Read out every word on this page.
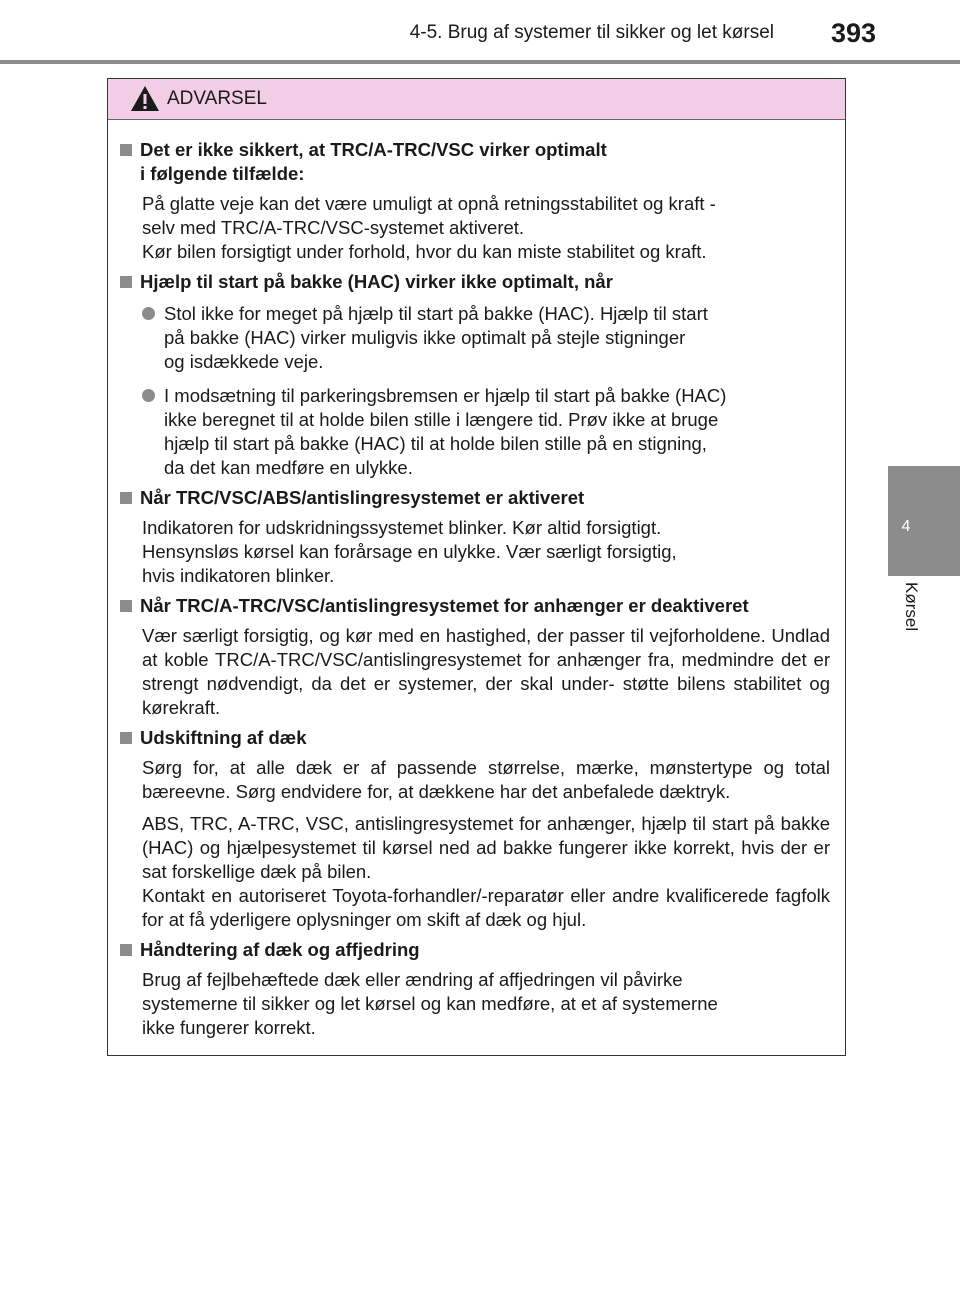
4-5. Brug af systemer til sikker og let kørsel 393
4
Kørsel
ADVARSEL
Det er ikke sikkert, at TRC/A-TRC/VSC virker optimalt
i følgende tilfælde:
På glatte veje kan det være umuligt at opnå retningsstabilitet og kraft -
selv med TRC/A-TRC/VSC-systemet aktiveret.
Kør bilen forsigtigt under forhold, hvor du kan miste stabilitet og kraft.
Hjælp til start på bakke (HAC) virker ikke optimalt, når
Stol ikke for meget på hjælp til start på bakke (HAC). Hjælp til start
på bakke (HAC) virker muligvis ikke optimalt på stejle stigninger
og isdækkede veje.
I modsætning til parkeringsbremsen er hjælp til start på bakke (HAC)
ikke beregnet til at holde bilen stille i længere tid. Prøv ikke at bruge
hjælp til start på bakke (HAC) til at holde bilen stille på en stigning,
da det kan medføre en ulykke.
Når TRC/VSC/ABS/antislingresystemet er aktiveret
Indikatoren for udskridningssystemet blinker. Kør altid forsigtigt.
Hensynsløs kørsel kan forårsage en ulykke. Vær særligt forsigtig,
hvis indikatoren blinker.
Når TRC/A-TRC/VSC/antislingresystemet for anhænger er deaktiveret
Vær særligt forsigtig, og kør med en hastighed, der passer til vejforholdene. Undlad at koble TRC/A-TRC/VSC/antislingresystemet for anhænger fra, medmindre det er strengt nødvendigt, da det er systemer, der skal under- støtte bilens stabilitet og kørekraft.
Udskiftning af dæk
Sørg for, at alle dæk er af passende størrelse, mærke, mønstertype og total bæreevne. Sørg endvidere for, at dækkene har det anbefalede dæktryk.
ABS, TRC, A-TRC, VSC, antislingresystemet for anhænger, hjælp til start på bakke (HAC) og hjælpesystemet til kørsel ned ad bakke fungerer ikke korrekt, hvis der er sat forskellige dæk på bilen.
Kontakt en autoriseret Toyota-forhandler/-reparatør eller andre kvalificerede fagfolk for at få yderligere oplysninger om skift af dæk og hjul.
Håndtering af dæk og affjedring
Brug af fejlbehæftede dæk eller ændring af affjedringen vil påvirke
systemerne til sikker og let kørsel og kan medføre, at et af systemerne
ikke fungerer korrekt.
